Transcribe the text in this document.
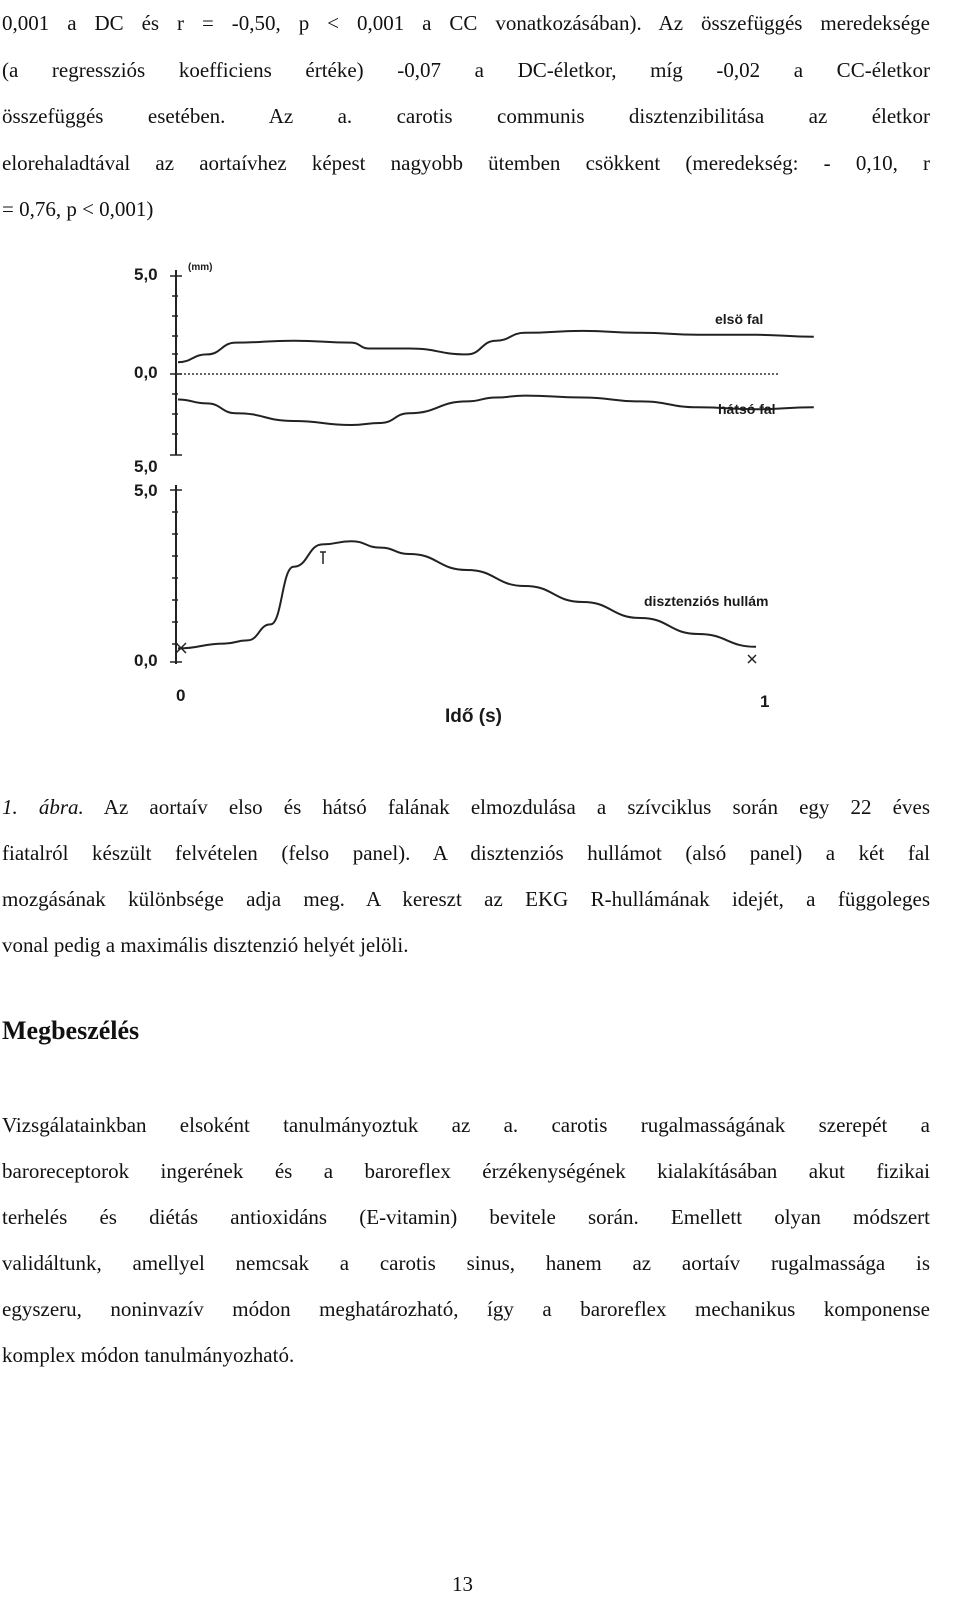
0,001 a DC és r = -0,50, p < 0,001 a CC vonatkozásában). Az összefüggés meredeksége
(a regressziós koefficiens értéke) -0,07 a DC-életkor, míg -0,02 a CC-életkor
összefüggés esetében. Az a. carotis communis disztenzibilitása az életkor
elorehaladtával az aortaívhez képest nagyobb ütemben csökkent (meredekség: - 0,10, r
= 0,76, p < 0,001)
5,0	(mm)
0,0
5,0
elsö fal
hátsó fal
5,0
0,0
disztenziós hullám
0	1
Idő (s)
1. ábra. Az aortaív elso és hátsó falának elmozdulása a szívciklus során egy 22 éves
fiatalról készült felvételen (felso panel). A disztenziós hullámot (alsó panel) a két fal
mozgásának különbsége adja meg. A kereszt az EKG R-hullámának idejét, a függoleges
vonal pedig a maximális disztenzió helyét jelöli.
Megbeszélés
Vizsgálatainkban elsoként tanulmányoztuk az a. carotis rugalmasságának szerepét a
baroreceptorok ingerének és a baroreflex érzékenységének kialakításában akut fizikai
terhelés és diétás antioxidáns (E-vitamin) bevitele során. Emellett olyan módszert
validáltunk, amellyel nemcsak a carotis sinus, hanem az aortaív rugalmassága is
egyszeru, noninvazív módon meghatározható, így a baroreflex mechanikus komponense
komplex módon tanulmányozható.
13
